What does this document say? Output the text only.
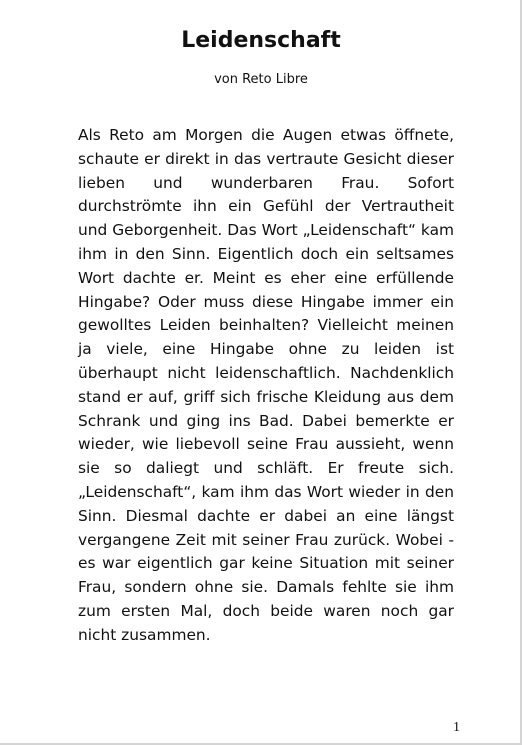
Leidenschaft
von Reto Libre

Als Reto am Morgen die Augen etwas öffnete, schaute er direkt in das vertraute Gesicht dieser lieben und wunderbaren Frau. Sofort durchströmte ihn ein Gefühl der Vertrautheit und Geborgenheit. Das Wort „Leidenschaft“ kam ihm in den Sinn. Eigentlich doch ein seltsames Wort dachte er. Meint es eher eine erfüllende Hingabe? Oder muss diese Hingabe immer ein gewolltes Leiden beinhalten? Vielleicht meinen ja viele, eine Hingabe ohne zu leiden ist überhaupt nicht leidenschaftlich. Nachdenklich stand er auf, griff sich frische Kleidung aus dem Schrank und ging ins Bad. Dabei bemerkte er wieder, wie liebevoll seine Frau aussieht, wenn sie so daliegt und schläft. Er freute sich. „Leidenschaft“, kam ihm das Wort wieder in den Sinn. Diesmal dachte er dabei an eine längst vergangene Zeit mit seiner Frau zurück. Wobei - es war eigentlich gar keine Situation mit seiner Frau, sondern ohne sie. Damals fehlte sie ihm zum ersten Mal, doch beide waren noch gar nicht zusammen.

1
